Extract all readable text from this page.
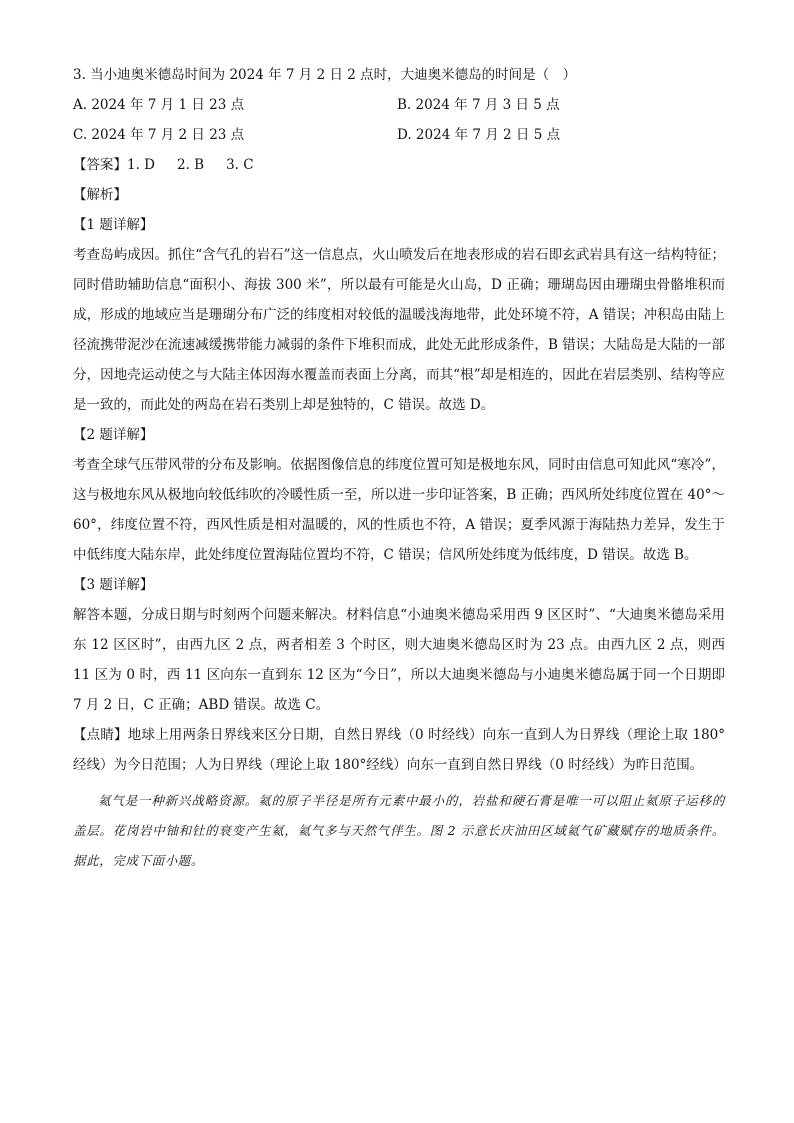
3. 当小迪奥米德岛时间为 2024 年 7 月 2 日 2 点时，大迪奥米德岛的时间是（　）

A. 2024 年 7 月 1 日 23 点	B. 2024 年 7 月 3 日 5 点
C. 2024 年 7 月 2 日 23 点	D. 2024 年 7 月 2 日 5 点

【答案】1. D 2. B 3. C

【解析】

【1 题详解】

考查岛屿成因。抓住“含气孔的岩石”这一信息点，火山喷发后在地表形成的岩石即玄武岩具有这一结构特征；同时借助辅助信息“面积小、海拔 300 米”，所以最有可能是火山岛，D 正确；珊瑚岛因由珊瑚虫骨骼堆积而成，形成的地域应当是珊瑚分布广泛的纬度相对较低的温暖浅海地带，此处环境不符，A 错误；冲积岛由陆上径流携带泥沙在流速减缓携带能力减弱的条件下堆积而成，此处无此形成条件，B 错误；大陆岛是大陆的一部分，因地壳运动使之与大陆主体因海水覆盖而表面上分离，而其“根”却是相连的，因此在岩层类别、结构等应是一致的，而此处的两岛在岩石类别上却是独特的，C 错误。故选 D。

【2 题详解】

考查全球气压带风带的分布及影响。依据图像信息的纬度位置可知是极地东风，同时由信息可知此风“寒冷”，这与极地东风从极地向较低纬吹的冷暖性质一至，所以进一步印证答案，B 正确；西风所处纬度位置在 40°～60°，纬度位置不符，西风性质是相对温暖的，风的性质也不符，A 错误；夏季风源于海陆热力差异，发生于中低纬度大陆东岸，此处纬度位置海陆位置均不符，C 错误；信风所处纬度为低纬度，D 错误。故选 B。

【3 题详解】

解答本题，分成日期与时刻两个问题来解决。材料信息“小迪奥米德岛采用西 9 区区时”、“大迪奥米德岛采用东 12 区区时”，由西九区 2 点，两者相差 3 个时区，则大迪奥米德岛区时为 23 点。由西九区 2 点，则西 11 区为 0 时，西 11 区向东一直到东 12 区为“今日”，所以大迪奥米德岛与小迪奥米德岛属于同一个日期即 7 月 2 日，C 正确；ABD 错误。故选 C。

【点睛】地球上用两条日界线来区分日期，自然日界线（0 时经线）向东一直到人为日界线（理论上取 180°经线）为今日范围；人为日界线（理论上取 180°经线）向东一直到自然日界线（0 时经线）为昨日范围。

氦气是一种新兴战略资源。氦的原子半径是所有元素中最小的，岩盐和硬石膏是唯一可以阻止氦原子运移的盖层。花岗岩中铀和钍的衰变产生氦，氦气多与天然气伴生。图 2 示意长庆油田区域氦气矿藏赋存的地质条件。据此，完成下面小题。
